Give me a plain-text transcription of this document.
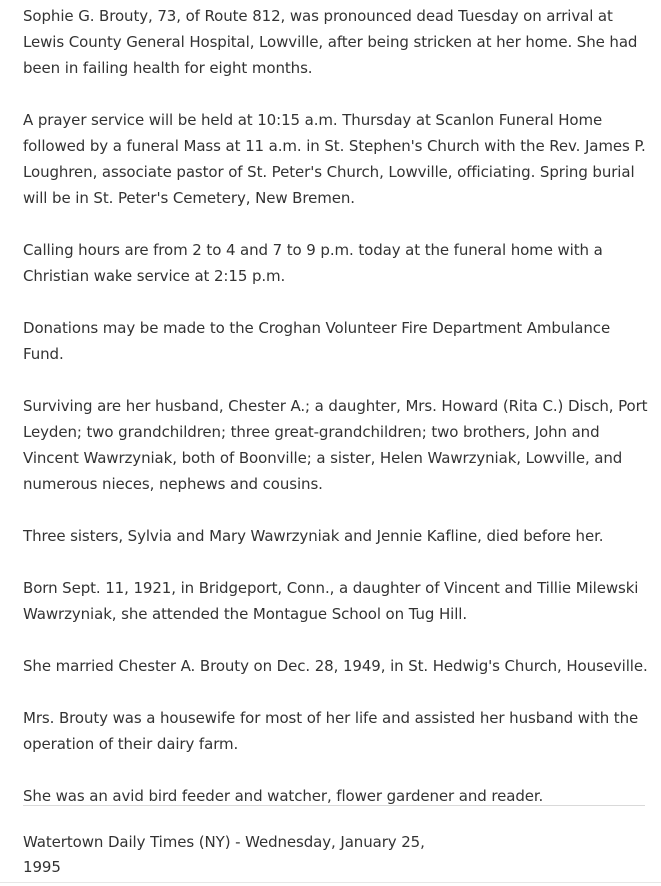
Sophie G. Brouty, 73, of Route 812, was pronounced dead Tuesday on arrival at Lewis County General Hospital, Lowville, after being stricken at her home. She had been in failing health for eight months.

A prayer service will be held at 10:15 a.m. Thursday at Scanlon Funeral Home followed by a funeral Mass at 11 a.m. in St. Stephen's Church with the Rev. James P. Loughren, associate pastor of St. Peter's Church, Lowville, officiating. Spring burial will be in St. Peter's Cemetery, New Bremen.

Calling hours are from 2 to 4 and 7 to 9 p.m. today at the funeral home with a Christian wake service at 2:15 p.m.

Donations may be made to the Croghan Volunteer Fire Department Ambulance Fund.

Surviving are her husband, Chester A.; a daughter, Mrs. Howard (Rita C.) Disch, Port Leyden; two grandchildren; three great-grandchildren; two brothers, John and Vincent Wawrzyniak, both of Boonville; a sister, Helen Wawrzyniak, Lowville, and numerous nieces, nephews and cousins.

Three sisters, Sylvia and Mary Wawrzyniak and Jennie Kafline, died before her.

Born Sept. 11, 1921, in Bridgeport, Conn., a daughter of Vincent and Tillie Milewski Wawrzyniak, she attended the Montague School on Tug Hill.

She married Chester A. Brouty on Dec. 28, 1949, in St. Hedwig's Church, Houseville.

Mrs. Brouty was a housewife for most of her life and assisted her husband with the operation of their dairy farm.

She was an avid bird feeder and watcher, flower gardener and reader.

Watertown Daily Times (NY) - Wednesday, January 25, 1995
